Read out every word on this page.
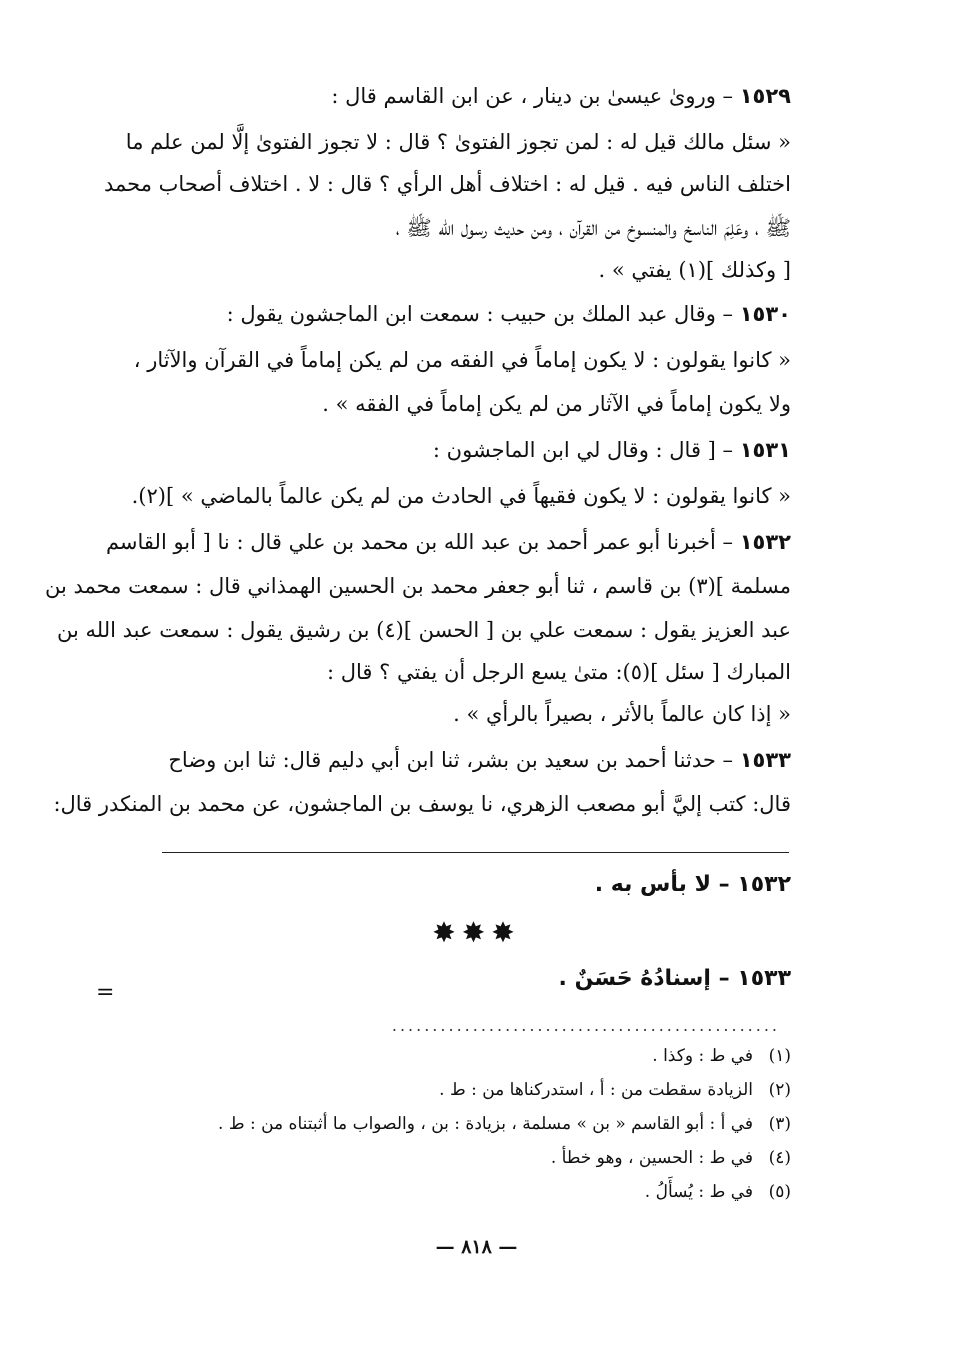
١٥٢٩ – وروىٰ عيسىٰ بن دينار ، عن ابن القاسم قال :
« سئل مالك قيل له : لمن تجوز الفتوىٰ ؟ قال : لا تجوز الفتوىٰ إلَّا لمن علم ما
اختلف الناس فيه . قيل له : اختلاف أهل الرأي ؟ قال : لا . اختلاف أصحاب محمد
ﷺ ، وعَلِمَ الناسخ والمنسوخ من القرآن ، ومن حديث رسول الله ﷺ ،
[ وكذلك ](١) يفتي » .
١٥٣٠ – وقال عبد الملك بن حبيب : سمعت ابن الماجشون يقول :
« كانوا يقولون : لا يكون إماماً في الفقه من لم يكن إماماً في القرآن والآثار ،
ولا يكون إماماً في الآثار من لم يكن إماماً في الفقه » .
١٥٣١ – [ قال : وقال لي ابن الماجشون :
« كانوا يقولون : لا يكون فقيهاً في الحادث من لم يكن عالماً بالماضي » ](٢).
١٥٣٢ – أخبرنا أبو عمر أحمد بن عبد الله بن محمد بن علي قال : نا [ أبو القاسم
مسلمة ](٣) بن قاسم ، ثنا أبو جعفر محمد بن الحسين الهمذاني قال : سمعت محمد بن
عبد العزيز يقول : سمعت علي بن [ الحسن ](٤) بن رشيق يقول : سمعت عبد الله بن
المبارك [ سئل ](٥): متىٰ يسع الرجل أن يفتي ؟ قال :
« إذا كان عالماً بالأثر ، بصيراً بالرأي » .
١٥٣٣ – حدثنا أحمد بن سعيد بن بشر، ثنا ابن أبي دليم قال: ثنا ابن وضاح
قال: كتب إليَّ أبو مصعب الزهري، نا يوسف بن الماجشون، عن محمد بن المنكدر قال:
١٥٣٢ – لا بأس به .
✸✸✸
١٥٣٣ – إسنادُهُ حَسَنٌ .
=
................................................
(١)في ط : وكذا .
(٢)الزيادة سقطت من : أ ، استدركناها من : ط .
(٣)في أ : أبو القاسم « بن » مسلمة ، بزيادة : بن ، والصواب ما أثبتناه من : ط .
(٤)في ط : الحسين ، وهو خطأ .
(٥)في ط : يُسأَلُ .
— ٨١٨ —
